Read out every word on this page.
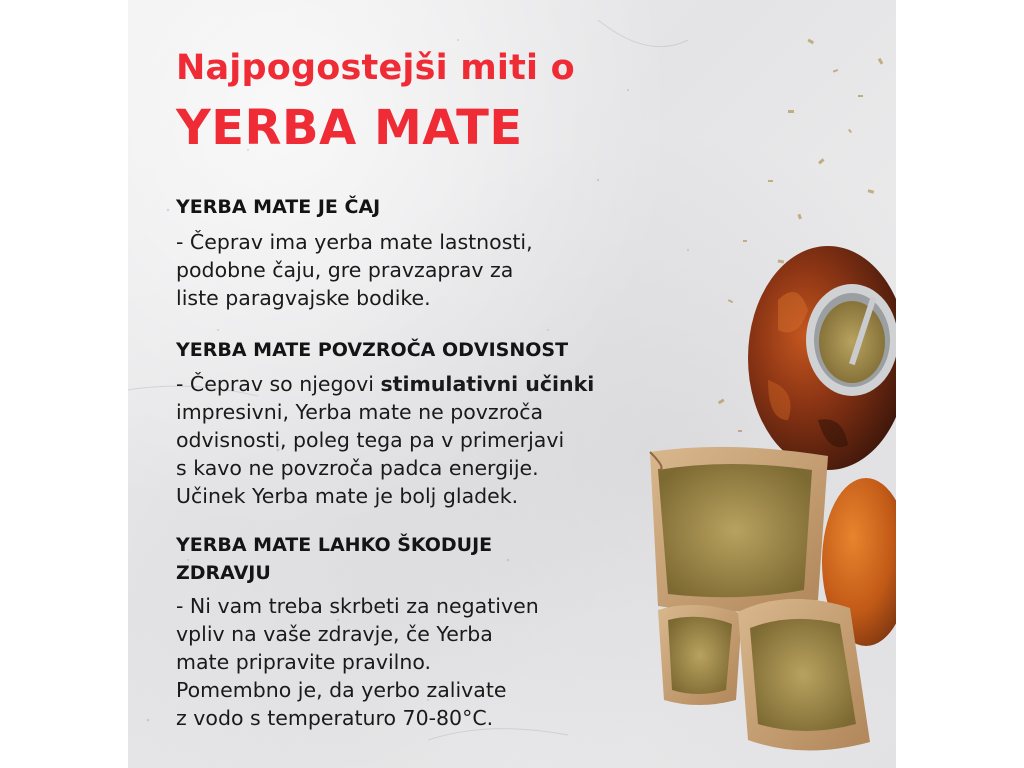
Najpogostejši miti o
YERBA MATE
YERBA MATE JE ČAJ
- Čeprav ima yerba mate lastnosti,
podobne čaju, gre pravzaprav za
liste paragvajske bodike.
YERBA MATE POVZROČA ODVISNOST
- Čeprav so njegovi stimulativni učinki
impresivni, Yerba mate ne povzroča
odvisnosti, poleg tega pa v primerjavi
s kavo ne povzroča padca energije.
Učinek Yerba mate je bolj gladek.
YERBA MATE LAHKO ŠKODUJE
ZDRAVJU
- Ni vam treba skrbeti za negativen
vpliv na vaše zdravje, če Yerba
mate pripravite pravilno.
Pomembno je, da yerbo zalivate
z vodo s temperaturo 70-80°C.
